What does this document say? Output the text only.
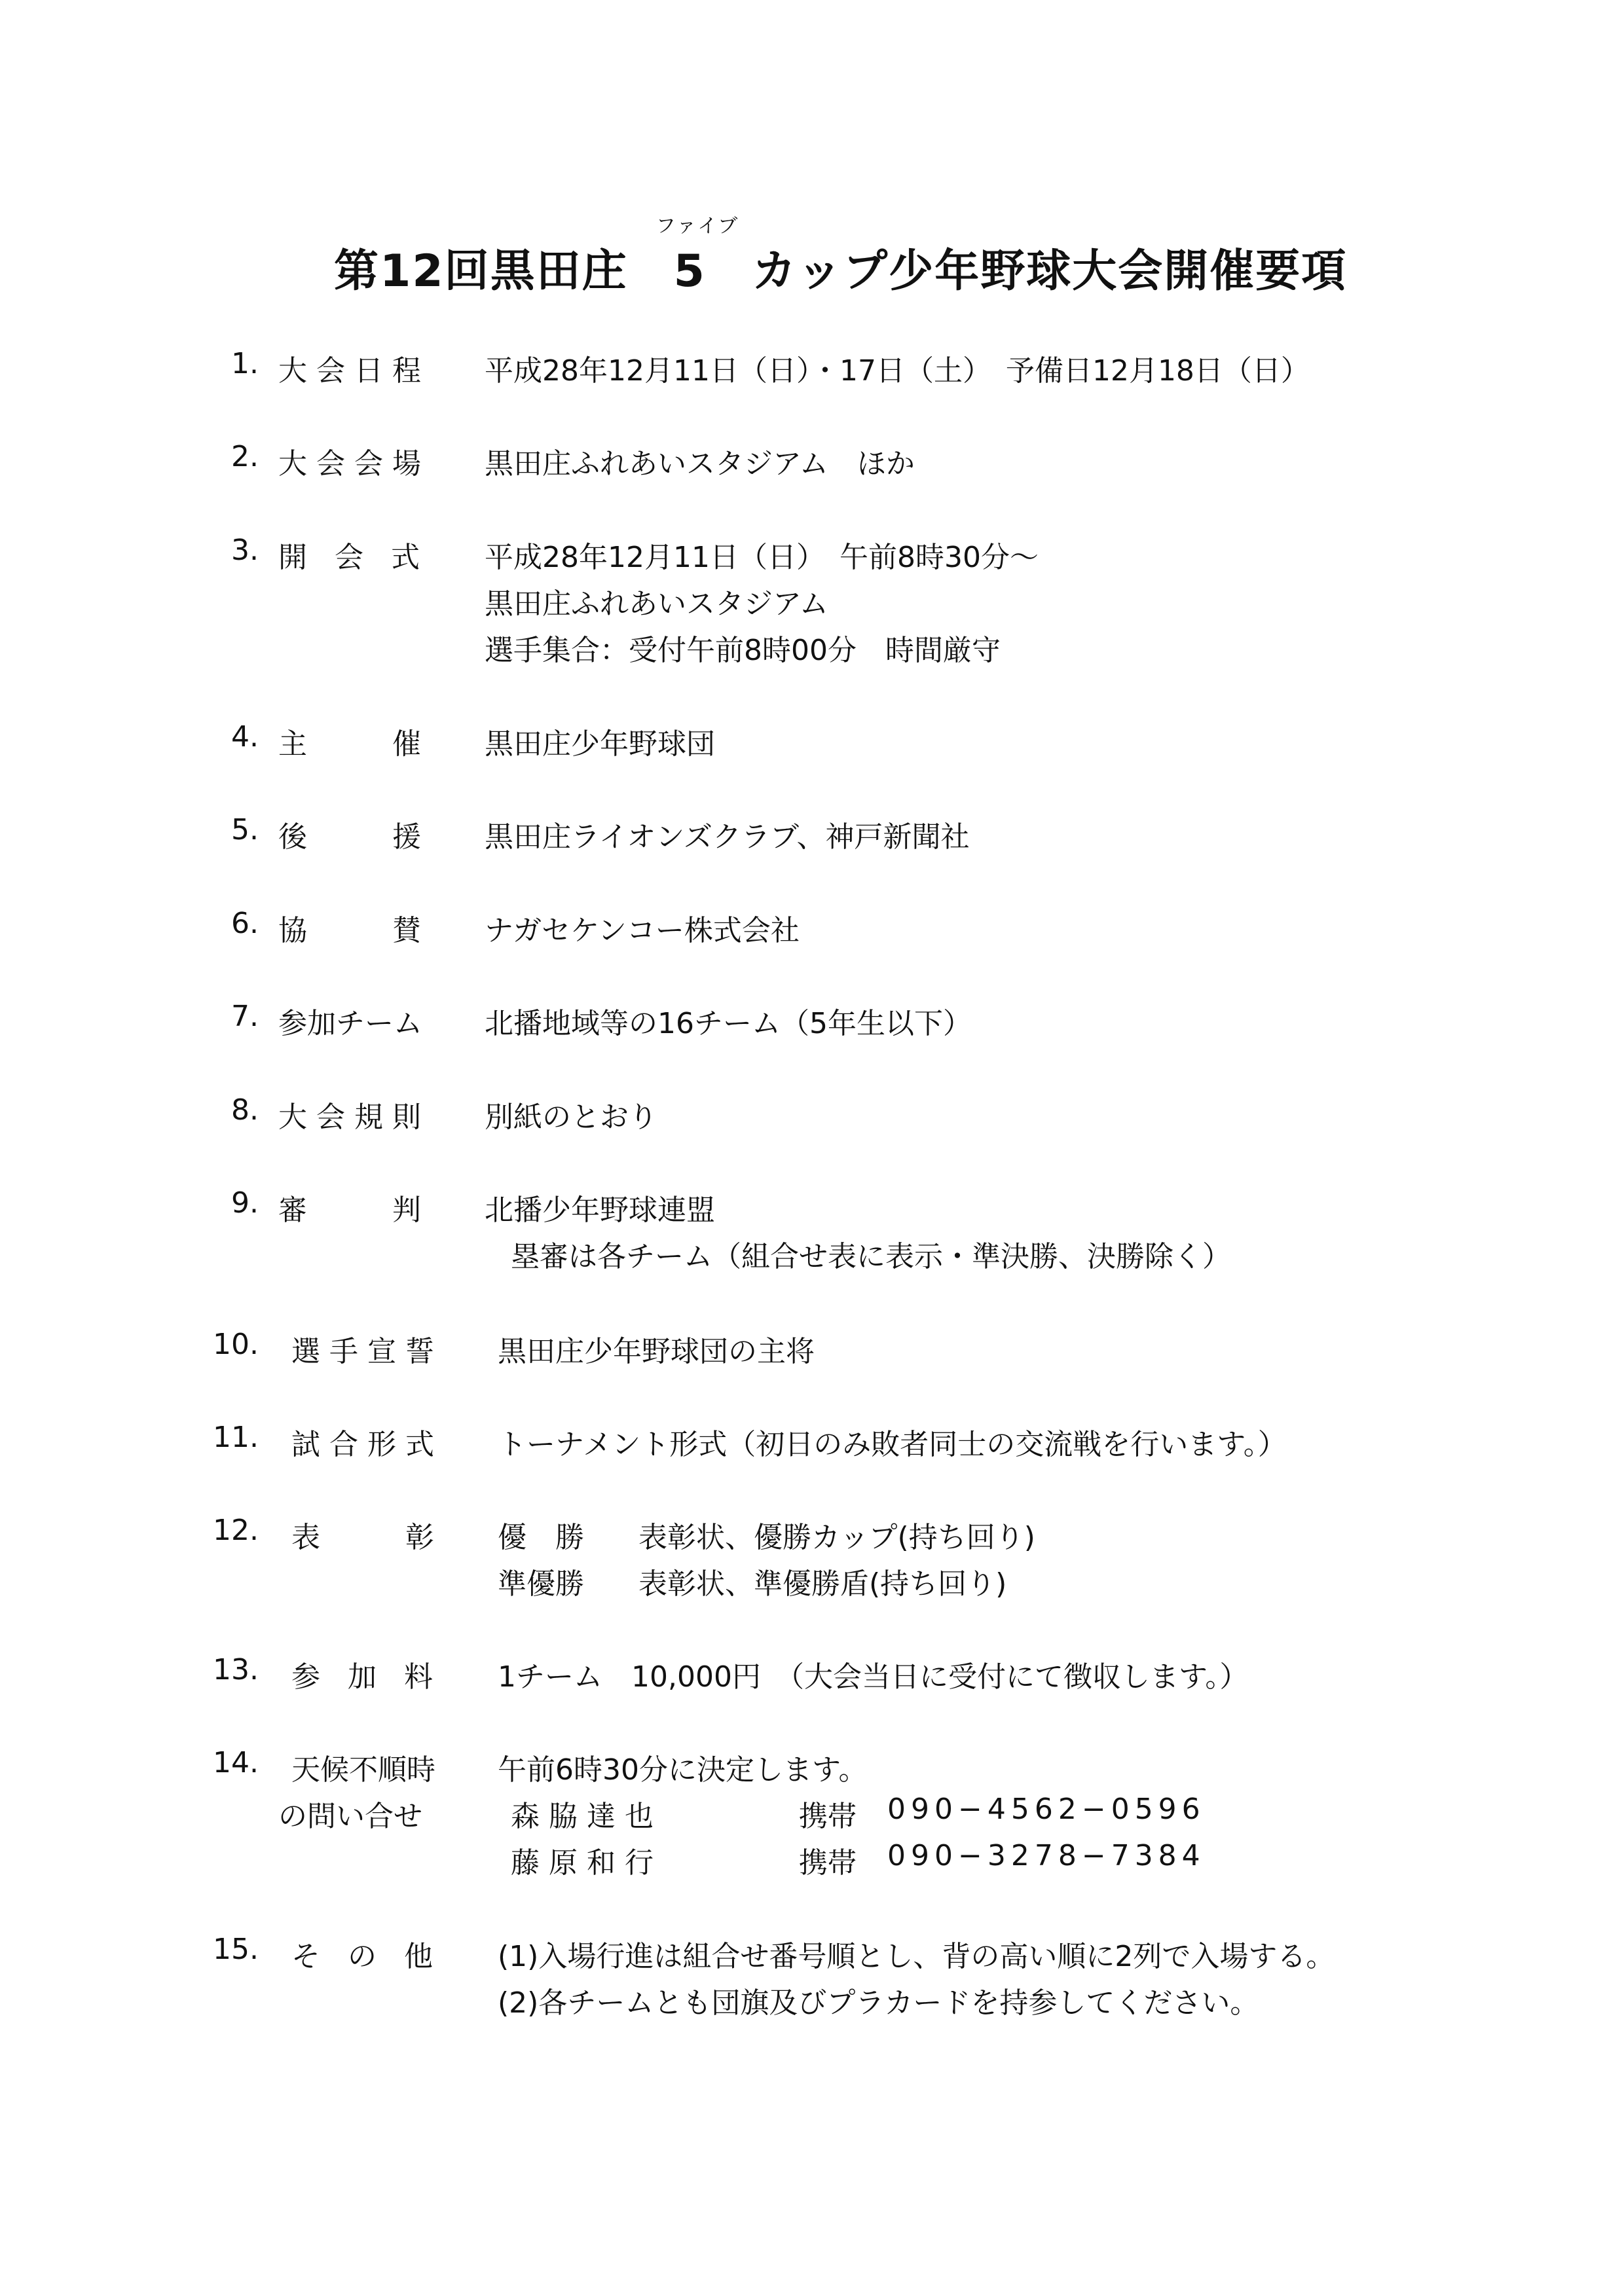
ファイブ
第12回黒田庄 5 カップ少年野球大会開催要項
1. 大会日程 平成28年12月11日（日）・17日（土）　予備日12月18日（日）
2. 大会会場 黒田庄ふれあいスタジアム　ほか
3. 開 会 式 平成28年12月11日（日）　午前8時30分～
黒田庄ふれあいスタジアム
選手集合：受付午前8時00分　時間厳守
4. 主　　催 黒田庄少年野球団
5. 後　　援 黒田庄ライオンズクラブ、神戸新聞社
6. 協　　賛 ナガセケンコー株式会社
7. 参加チーム 北播地域等の16チーム（5年生以下）
8. 大会規則 別紙のとおり
9. 審　　判 北播少年野球連盟
塁審は各チーム（組合せ表に表示・準決勝、決勝除く）
10. 選手宣誓 黒田庄少年野球団の主将
11. 試合形式 トーナメント形式（初日のみ敗者同士の交流戦を行います。）
12. 表　　彰 優　勝 表彰状、優勝カップ(持ち回り)
準優勝 表彰状、準優勝盾(持ち回り)
13. 参 加 料 1チーム　10,000円　（大会当日に受付にて徴収します。）
14. 天候不順時
の問い合せ
午前6時30分に決定します。
森 脇 達 也	携帯 090−4562−0596
藤 原 和 行	携帯 090−3278−7384
15. そ の 他 (1)入場行進は組合せ番号順とし、背の高い順に2列で入場する。
(2)各チームとも団旗及びプラカードを持参してください。
